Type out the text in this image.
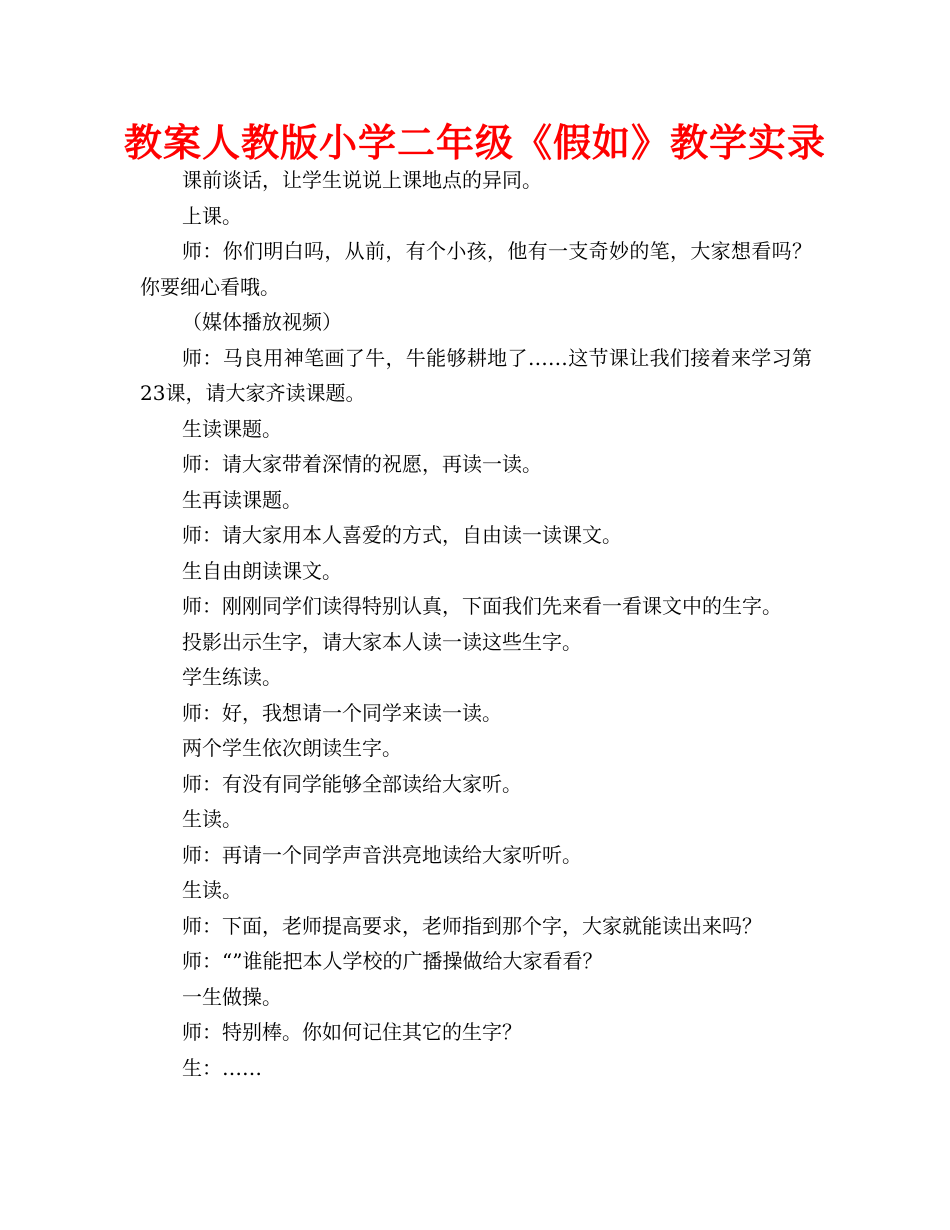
教案人教版小学二年级《假如》教学实录

课前谈话，让学生说说上课地点的异同。

上课。

师：你们明白吗，从前，有个小孩，他有一支奇妙的笔，大家想看吗？你要细心看哦。

（媒体播放视频）

师：马良用神笔画了牛，牛能够耕地了……这节课让我们接着来学习第23课，请大家齐读课题。

生读课题。

师：请大家带着深情的祝愿，再读一读。

生再读课题。

师：请大家用本人喜爱的方式，自由读一读课文。

生自由朗读课文。

师：刚刚同学们读得特别认真，下面我们先来看一看课文中的生字。

投影出示生字，请大家本人读一读这些生字。

学生练读。

师：好，我想请一个同学来读一读。

两个学生依次朗读生字。

师：有没有同学能够全部读给大家听。

生读。

师：再请一个同学声音洪亮地读给大家听听。

生读。

师：下面，老师提高要求，老师指到那个字，大家就能读出来吗？

师：“”谁能把本人学校的广播操做给大家看看？

一生做操。

师：特别棒。你如何记住其它的生字？

生：……
